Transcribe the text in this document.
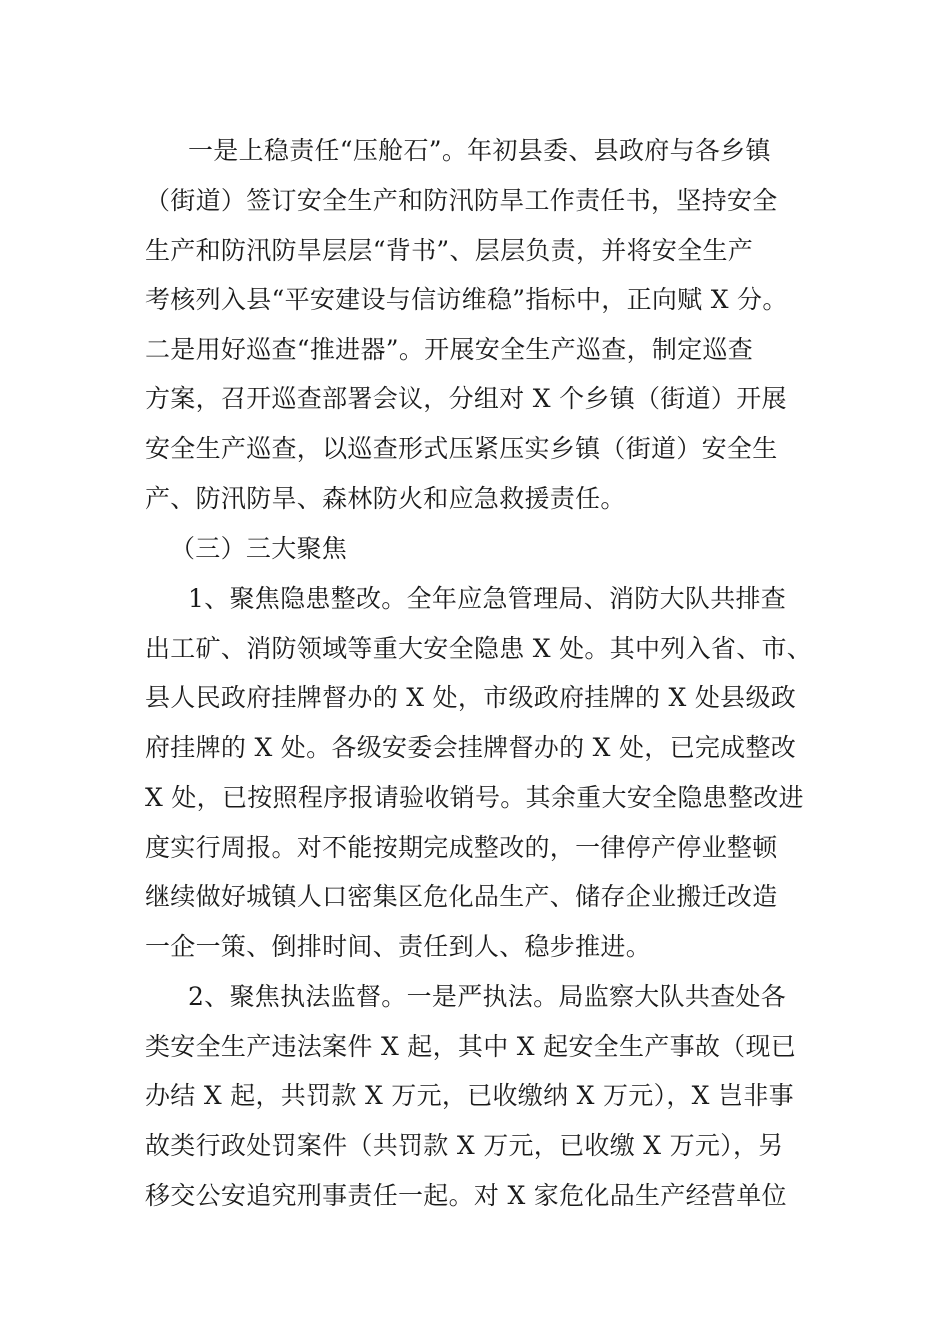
一是上稳责任“压舱石”。年初县委、县政府与各乡镇
（街道）签订安全生产和防汛防旱工作责任书，坚持安全
生产和防汛防旱层层“背书”、层层负责，并将安全生产
考核列入县“平安建设与信访维稳”指标中，正向赋 X 分。
二是用好巡查“推进器”。开展安全生产巡查，制定巡查
方案，召开巡查部署会议，分组对 X 个乡镇（街道）开展
安全生产巡查，以巡查形式压紧压实乡镇（街道）安全生
产、防汛防旱、森林防火和应急救援责任。
（三）三大聚焦
1、聚焦隐患整改。全年应急管理局、消防大队共排查
出工矿、消防领域等重大安全隐患 X 处。其中列入省、市、
县人民政府挂牌督办的 X 处，市级政府挂牌的 X 处县级政
府挂牌的 X 处。各级安委会挂牌督办的 X 处，已完成整改
X 处，已按照程序报请验收销号。其余重大安全隐患整改进
度实行周报。对不能按期完成整改的，一律停产停业整顿
继续做好城镇人口密集区危化品生产、储存企业搬迁改造
一企一策、倒排时间、责任到人、稳步推进。
2、聚焦执法监督。一是严执法。局监察大队共查处各
类安全生产违法案件 X 起，其中 X 起安全生产事故（现已
办结 X 起，共罚款 X 万元，已收缴纳 X 万元），X 岂非事
故类行政处罚案件（共罚款 X 万元，已收缴 X 万元），另
移交公安追究刑事责任一起。对 X 家危化品生产经营单位
